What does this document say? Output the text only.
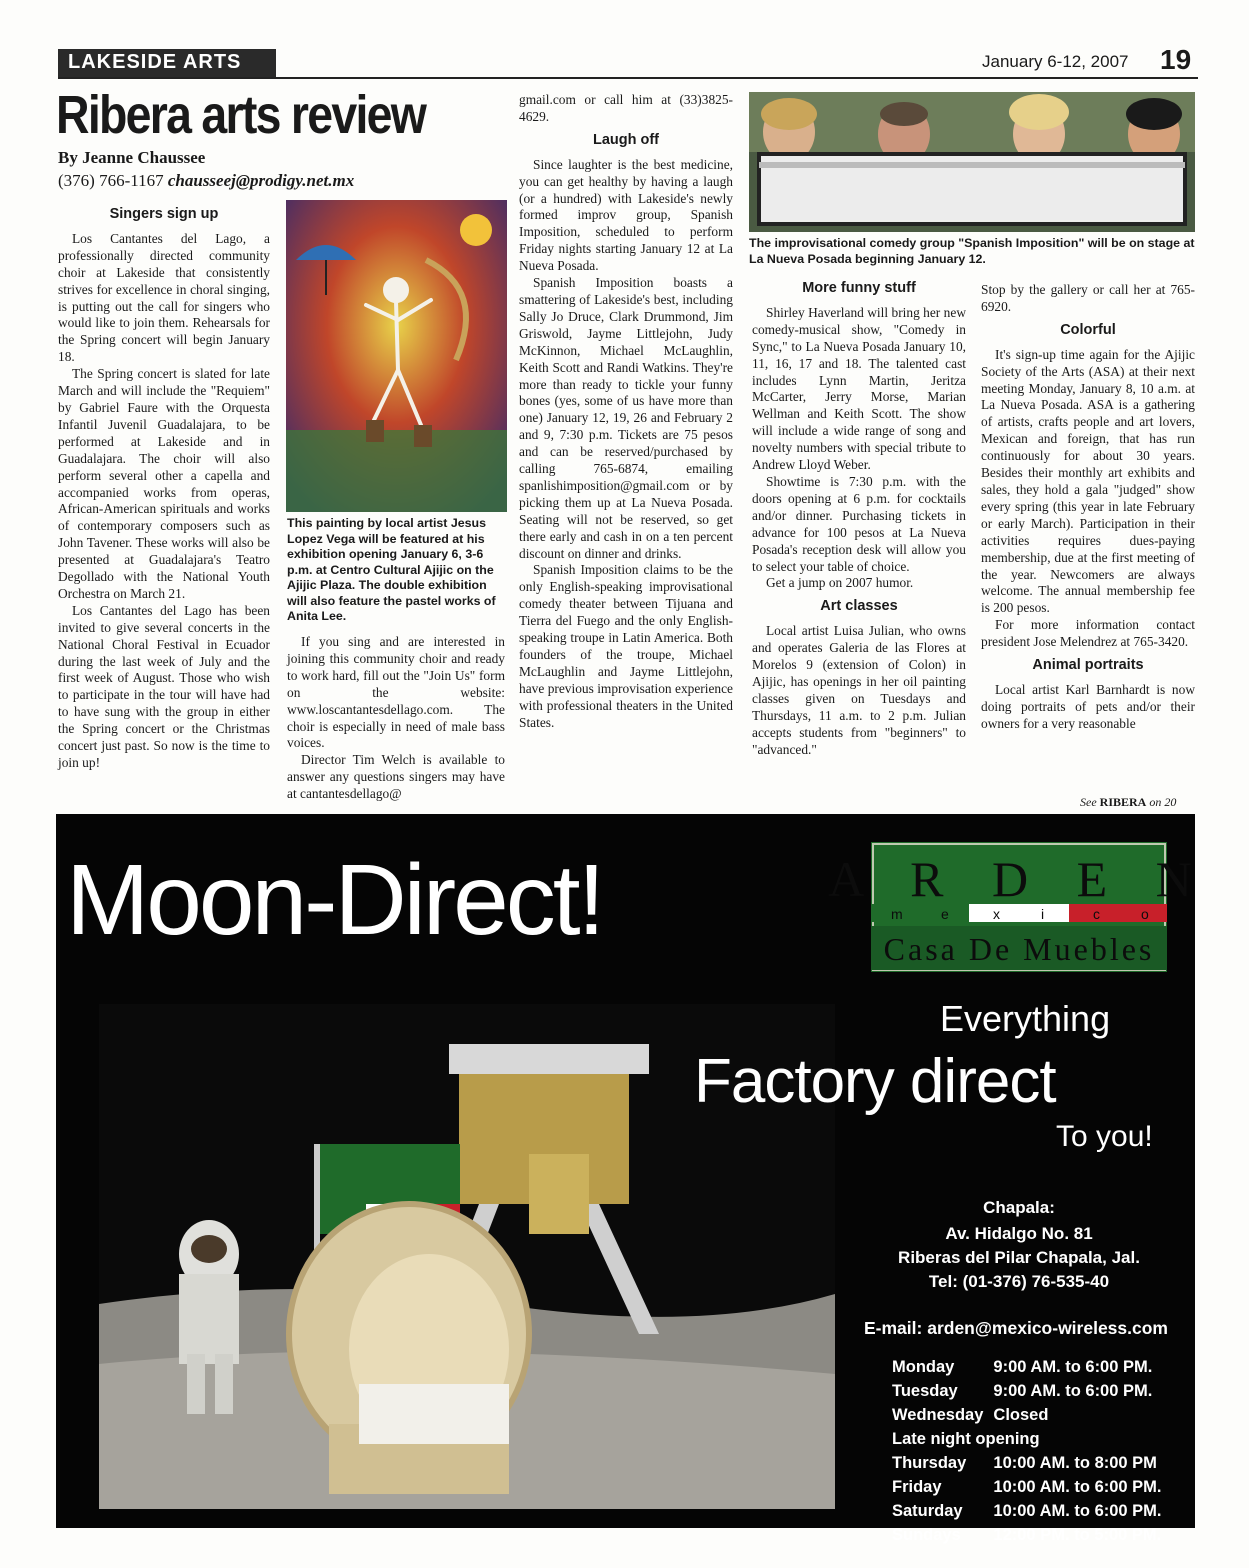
LAKESIDE ARTS	January 6-12, 2007 19
Ribera arts review
By Jeanne Chaussee
(376) 766-1167 chausseej@prodigy.net.mx
Singers sign up

Los Cantantes del Lago, a professionally directed community choir at Lakeside that consistently strives for excellence in choral singing, is putting out the call for singers who would like to join them. Rehearsals for the Spring concert will begin January 18.

The Spring concert is slated for late March and will include the "Requiem" by Gabriel Faure with the Orquesta Infantil Juvenil Guadalajara, to be performed at Lakeside and in Guadalajara. The choir will also perform several other a capella and accompanied works from operas, African-American spirituals and works of contemporary composers such as John Tavener. These works will also be presented at Guadalajara's Teatro Degollado with the National Youth Orchestra on March 21.

Los Cantantes del Lago has been invited to give several concerts in the National Choral Festival in Ecuador during the last week of July and the first week of August. Those who wish to participate in the tour will have had to have sung with the group in either the Spring concert or the Christmas concert just past. So now is the time to join up!

This painting by local artist Jesus Lopez Vega will be featured at his exhibition opening January 6, 3-6 p.m. at Centro Cultural Ajijic on the Ajijic Plaza. The double exhibition will also feature the pastel works of Anita Lee.

If you sing and are interested in joining this community choir and ready to work hard, fill out the "Join Us" form on the website: www.loscantantesdellago.com. The choir is especially in need of male bass voices.

Director Tim Welch is available to answer any questions singers may have at cantantesdellago@

gmail.com or call him at (33)3825-4629.

Laugh off

Since laughter is the best medicine, you can get healthy by having a laugh (or a hundred) with Lakeside's newly formed improv group, Spanish Imposition, scheduled to perform Friday nights starting January 12 at La Nueva Posada.

Spanish Imposition boasts a smattering of Lakeside's best, including Sally Jo Druce, Clark Drummond, Jim Griswold, Jayme Littlejohn, Judy McKinnon, Michael McLaughlin, Keith Scott and Randi Watkins. They're more than ready to tickle your funny bones (yes, some of us have more than one) January 12, 19, 26 and February 2 and 9, 7:30 p.m. Tickets are 75 pesos and can be reserved/purchased by calling 765-6874, emailing spanlishimposition@gmail.com or by picking them up at La Nueva Posada. Seating will not be reserved, so get there early and cash in on a ten percent discount on dinner and drinks.

Spanish Imposition claims to be the only English-speaking improvisational comedy theater between Tijuana and Tierra del Fuego and the only English-speaking troupe in Latin America. Both founders of the troupe, Michael McLaughlin and Jayme Littlejohn, have previous improvisation experience with professional theaters in the United States.

The improvisational comedy group "Spanish Imposition" will be on stage at La Nueva Posada beginning January 12.
More funny stuff

Shirley Haverland will bring her new comedy-musical show, "Comedy in Sync," to La Nueva Posada January 10, 11, 16, 17 and 18. The talented cast includes Lynn Martin, Jeritza McCarter, Jerry Morse, Marian Wellman and Keith Scott. The show will include a wide range of song and novelty numbers with special tribute to Andrew Lloyd Weber.

Showtime is 7:30 p.m. with the doors opening at 6 p.m. for cocktails and/or dinner. Purchasing tickets in advance for 100 pesos at La Nueva Posada's reception desk will allow you to select your table of choice.

Get a jump on 2007 humor.

Art classes

Local artist Luisa Julian, who owns and operates Galeria de las Flores at Morelos 9 (extension of Colon) in Ajijic, has openings in her oil painting classes given on Tuesdays and Thursdays, 11 a.m. to 2 p.m. Julian accepts students from "beginners" to "advanced."

Stop by the gallery or call her at 765-6920.

Colorful

It's sign-up time again for the Ajijic Society of the Arts (ASA) at their next meeting Monday, January 8, 10 a.m. at La Nueva Posada. ASA is a gathering of artists, crafts people and art lovers, Mexican and foreign, that has run continuously for about 30 years. Besides their monthly art exhibits and sales, they hold a gala "judged" show every spring (this year in late February or early March). Participation in their activities requires dues-paying membership, due at the first meeting of the year. Newcomers are always welcome. The annual membership fee is 200 pesos.

For more information contact president Jose Melendrez at 765-3420.

Animal portraits

Local artist Karl Barnhardt is now doing portraits of pets and/or their owners for a very reasonable

See RIBERA on 20
Moon-Direct!	A R D E N
m	e	x	i	c	o
Casa De Muebles
Everything
Factory direct
To you!
Chapala:
Av. Hidalgo No. 81
Riberas del Pilar Chapala, Jal.
Tel: (01-376) 76-535-40
E-mail: arden@mexico-wireless.com
Monday	9:00 AM. to 6:00 PM.
Tuesday	9:00 AM. to 6:00 PM.
Wednesday	Closed
Late night opening	
Thursday	10:00 AM. to 8:00 PM
Friday	10:00 AM. to 6:00 PM.
Saturday	10:00 AM. to 6:00 PM.
Sundays	12:00 PM. to 5:00 PM.
